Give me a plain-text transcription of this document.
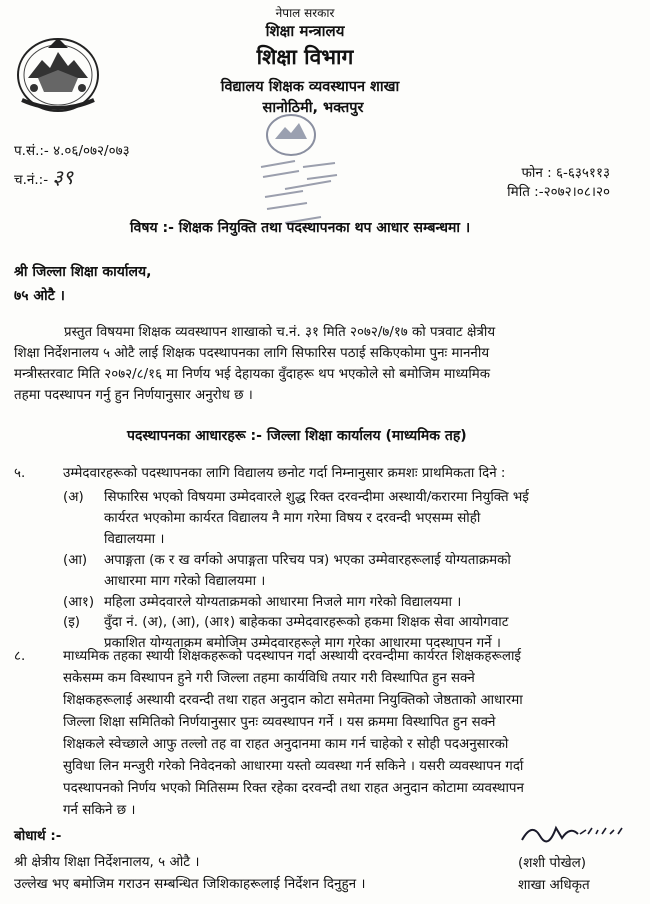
नेपाल सरकार
शिक्षा मन्त्रालय
शिक्षा विभाग
विद्यालय शिक्षक व्यवस्थापन शाखा
सानोठिमी, भक्तपुर
प.सं.:- ४.०६/०७२/०७३
च.नं.:- ३९	फोन : ६-६३५११३
मिति :-२०७२।०८।२०
विषय :- शिक्षक नियुक्ति तथा पदस्थापनका थप आधार सम्बन्धमा ।
श्री जिल्ला शिक्षा कार्यालय,
७५ ओटै ।
प्रस्तुत विषयमा शिक्षक व्यवस्थापन शाखाको च.नं. ३१ मिति २०७२/७/१७ को पत्रवाट क्षेत्रीय
शिक्षा निर्देशनालय ५ ओटै लाई शिक्षक पदस्थापनका लागि सिफारिस पठाई सकिएकोमा पुनः माननीय
मन्त्रीस्तरवाट मिति २०७२/८/१६ मा निर्णय भई देहायका वुँदाहरू थप भएकोले सो बमोजिम माध्यमिक
तहमा पदस्थापन गर्नु हुन निर्णयानुसार अनुरोध छ ।
पदस्थापनका आधारहरू :- जिल्ला शिक्षा कार्यालय (माध्यमिक तह)
५.	उम्मेदवारहरूको पदस्थापनका लागि विद्यालय छनोट गर्दा निम्नानुसार क्रमशः प्राथमिकता दिने :
(अ)	सिफारिस भएको विषयमा उम्मेदवारले शुद्ध रिक्त दरवन्दीमा अस्थायी/करारमा नियुक्ति भई
कार्यरत भएकोमा कार्यरत विद्यालय नै माग गरेमा विषय र दरवन्दी भएसम्म सोही
विद्यालयमा ।
(आ)	अपाङ्गता (क र ख वर्गको अपाङ्गता परिचय पत्र) भएका उम्मेवारहरूलाई योग्यताक्रमको
आधारमा माग गरेको विद्यालयमा ।
(आ१) महिला उम्मेदवारले योग्यताक्रमको आधारमा निजले माग गरेको विद्यालयमा ।
(इ)	वुँदा नं. (अ), (आ), (आ१) बाहेकका उम्मेदवारहरूको हकमा शिक्षक सेवा आयोगवाट
प्रकाशित योग्यताक्रम बमोजिम उम्मेदवारहरूले माग गरेका आधारमा पदस्थापन गर्ने ।
८.	माध्यमिक तहका स्थायी शिक्षकहरूको पदस्थापन गर्दा अस्थायी दरवन्दीमा कार्यरत शिक्षकहरूलाई
सकेसम्म कम विस्थापन हुने गरी जिल्ला तहमा कार्यविधि तयार गरी विस्थापित हुन सक्ने
शिक्षकहरूलाई अस्थायी दरवन्दी तथा राहत अनुदान कोटा समेतमा नियुक्तिको जेष्ठताको आधारमा
जिल्ला शिक्षा समितिको निर्णयानुसार पुनः व्यवस्थापन गर्ने । यस क्रममा विस्थापित हुन सक्ने
शिक्षकले स्वेच्छाले आफु तल्लो तह वा राहत अनुदानमा काम गर्न चाहेको र सोही पदअनुसारको
सुविधा लिन मन्जुरी गरेको निवेदनको आधारमा यस्तो व्यवस्था गर्न सकिने । यसरी व्यवस्थापन गर्दा
पदस्थापनको निर्णय भएको मितिसम्म रिक्त रहेका दरवन्दी तथा राहत अनुदान कोटामा व्यवस्थापन
गर्न सकिने छ ।
बोधार्थ :-
श्री क्षेत्रीय शिक्षा निर्देशनालय, ५ ओटै ।
उल्लेख भए बमोजिम गराउन सम्बन्धित जिशिकाहरूलाई निर्देशन दिनुहुन ।
(शशी पोखेल)
शाखा अधिकृत
